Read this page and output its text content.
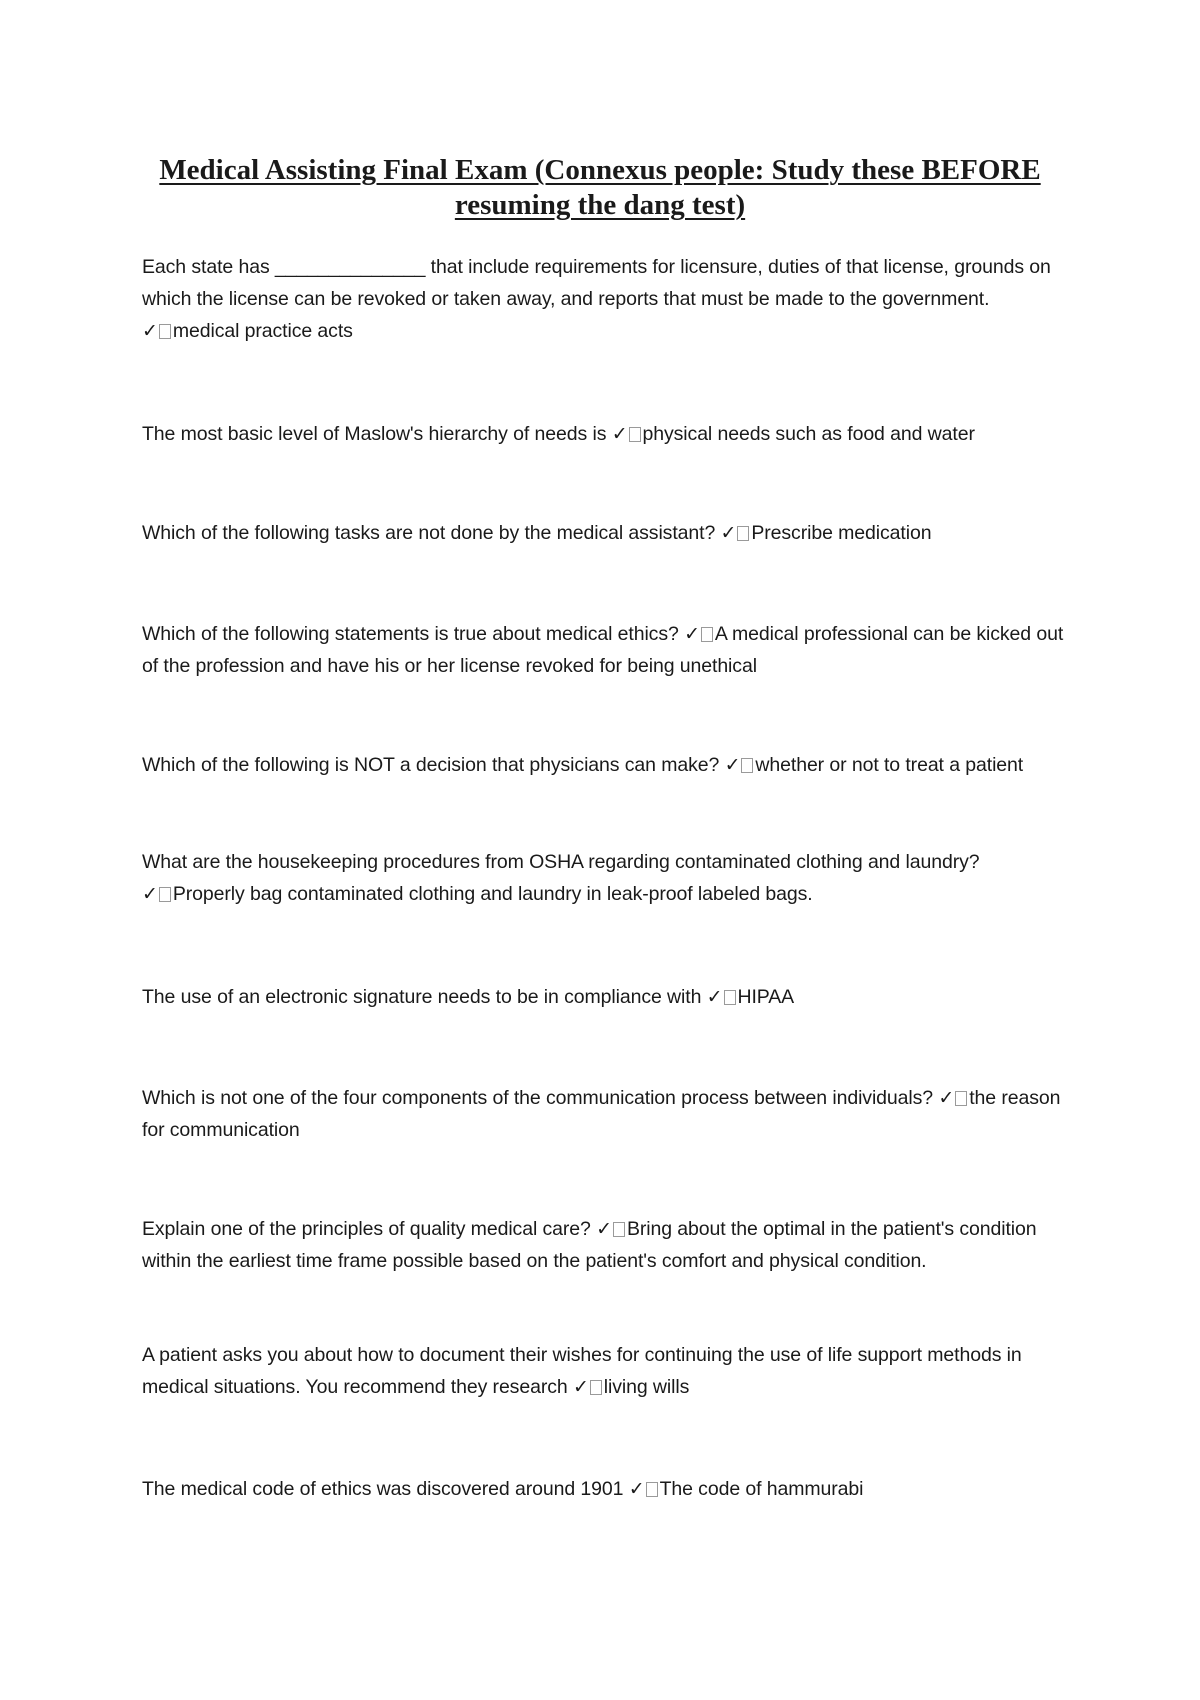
Medical Assisting Final Exam (Connexus people: Study these BEFORE
resuming the dang test)

Each state has ______________ that include requirements for licensure, duties of that license, grounds on which the license can be revoked or taken away, and reports that must be made to the government.
✓ medical practice acts

The most basic level of Maslow's hierarchy of needs is ✓ physical needs such as food and water

Which of the following tasks are not done by the medical assistant? ✓ Prescribe medication

Which of the following statements is true about medical ethics? ✓ A medical professional can be kicked out of the profession and have his or her license revoked for being unethical

Which of the following is NOT a decision that physicians can make? ✓ whether or not to treat a patient

What are the housekeeping procedures from OSHA regarding contaminated clothing and laundry?
✓ Properly bag contaminated clothing and laundry in leak-proof labeled bags.

The use of an electronic signature needs to be in compliance with ✓ HIPAA

Which is not one of the four components of the communication process between individuals? ✓ the reason for communication

Explain one of the principles of quality medical care? ✓ Bring about the optimal in the patient's condition within the earliest time frame possible based on the patient's comfort and physical condition.

A patient asks you about how to document their wishes for continuing the use of life support methods in medical situations. You recommend they research ✓ living wills

The medical code of ethics was discovered around 1901 ✓ The code of hammurabi
